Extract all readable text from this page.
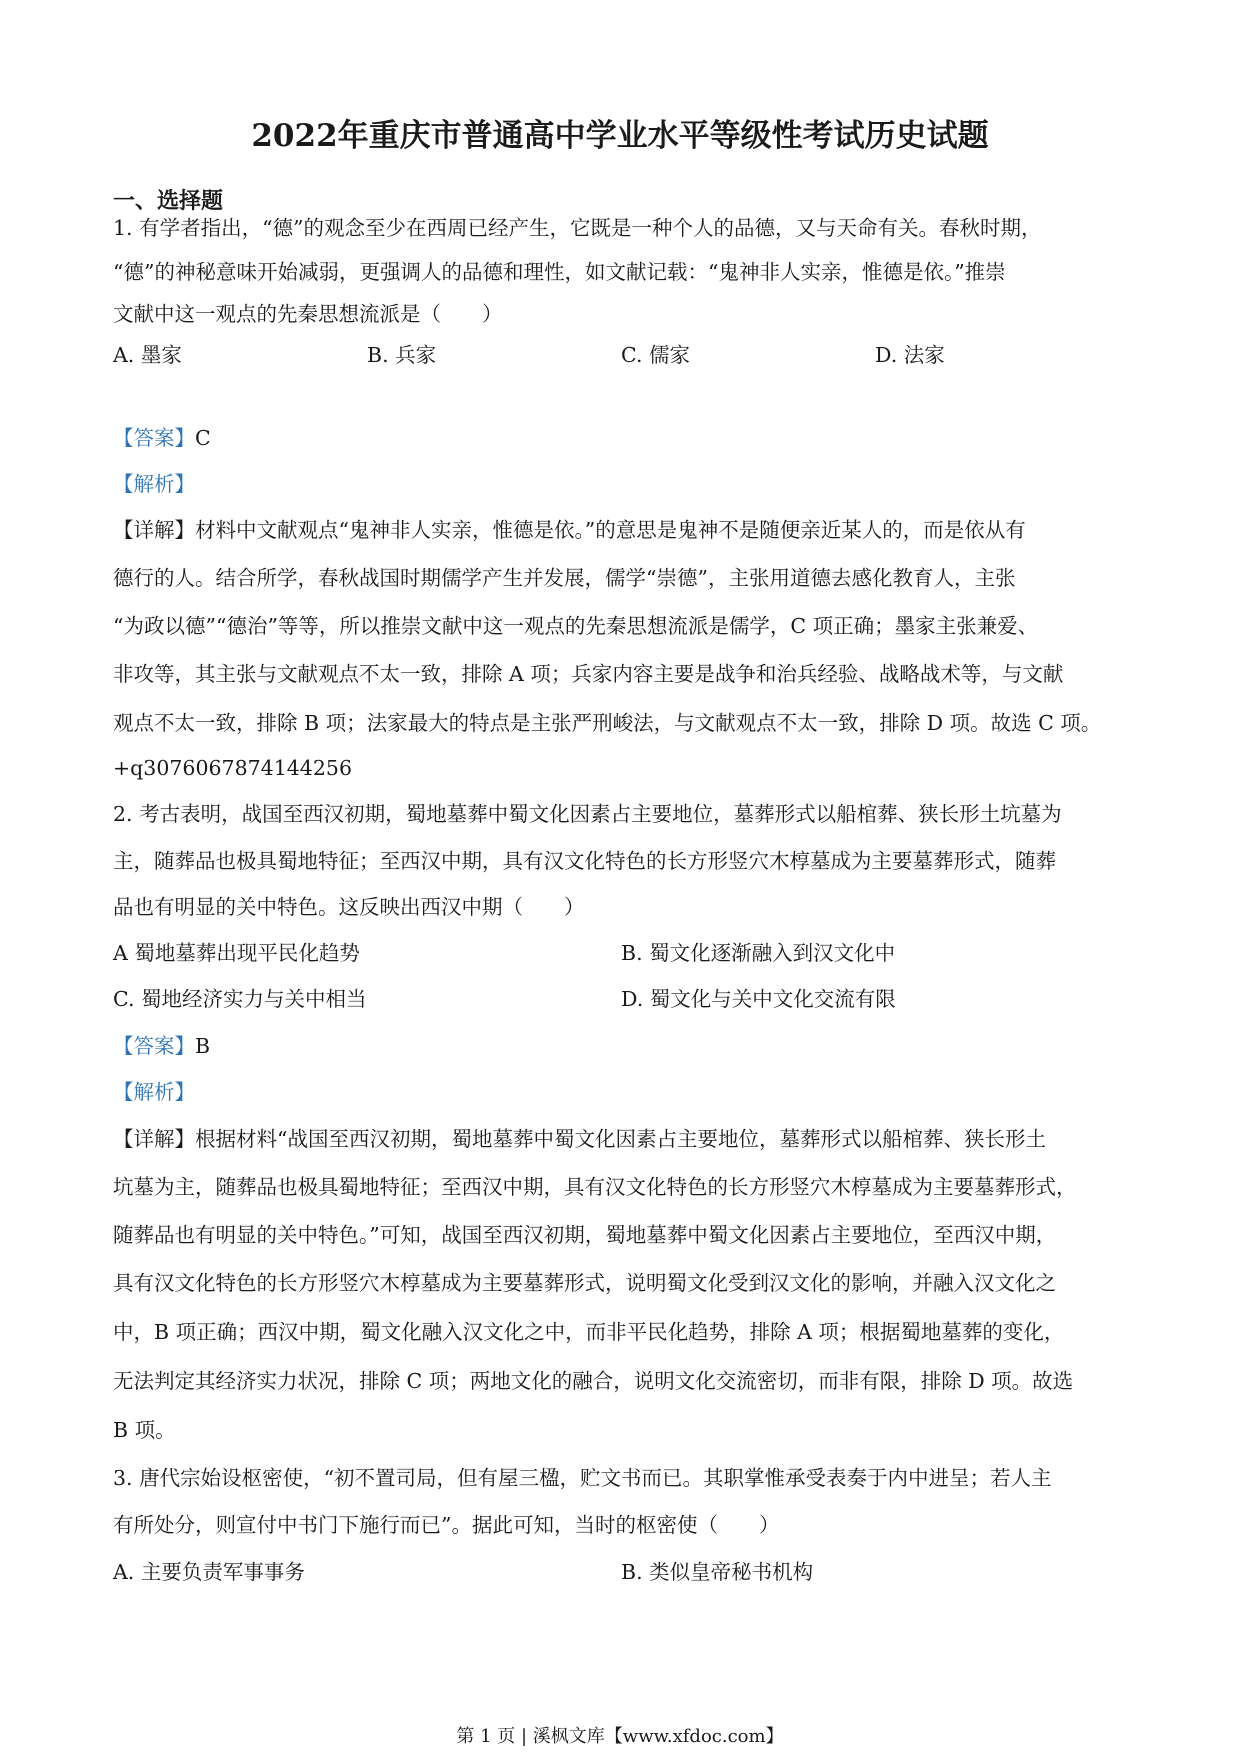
2022年重庆市普通高中学业水平等级性考试历史试题
一、选择题
1. 有学者指出，“德”的观念至少在西周已经产生，它既是一种个人的品德，又与天命有关。春秋时期，
“德”的神秘意味开始减弱，更强调人的品德和理性，如文献记载：“鬼神非人实亲，惟德是依。”推崇
文献中这一观点的先秦思想流派是（　　）
A. 墨家	B. 兵家	C. 儒家	D. 法家
【答案】C
【解析】
【详解】材料中文献观点“鬼神非人实亲，惟德是依。”的意思是鬼神不是随便亲近某人的，而是依从有
德行的人。结合所学，春秋战国时期儒学产生并发展，儒学“崇德”，主张用道德去感化教育人，主张
“为政以德”“德治”等等，所以推崇文献中这一观点的先秦思想流派是儒学，C 项正确；墨家主张兼爱、
非攻等，其主张与文献观点不太一致，排除 A 项；兵家内容主要是战争和治兵经验、战略战术等，与文献
观点不太一致，排除 B 项；法家最大的特点是主张严刑峻法，与文献观点不太一致，排除 D 项。故选 C 项。
+q3076067874144256
2. 考古表明，战国至西汉初期，蜀地墓葬中蜀文化因素占主要地位，墓葬形式以船棺葬、狭长形土坑墓为
主，随葬品也极具蜀地特征；至西汉中期，具有汉文化特色的长方形竖穴木椁墓成为主要墓葬形式，随葬
品也有明显的关中特色。这反映出西汉中期（　　）
A 蜀地墓葬出现平民化趋势	B. 蜀文化逐渐融入到汉文化中
C. 蜀地经济实力与关中相当	D. 蜀文化与关中文化交流有限
【答案】B
【解析】
【详解】根据材料“战国至西汉初期，蜀地墓葬中蜀文化因素占主要地位，墓葬形式以船棺葬、狭长形土
坑墓为主，随葬品也极具蜀地特征；至西汉中期，具有汉文化特色的长方形竖穴木椁墓成为主要墓葬形式，
随葬品也有明显的关中特色。”可知，战国至西汉初期，蜀地墓葬中蜀文化因素占主要地位，至西汉中期，
具有汉文化特色的长方形竖穴木椁墓成为主要墓葬形式，说明蜀文化受到汉文化的影响，并融入汉文化之
中，B 项正确；西汉中期，蜀文化融入汉文化之中，而非平民化趋势，排除 A 项；根据蜀地墓葬的变化，
无法判定其经济实力状况，排除 C 项；两地文化的融合，说明文化交流密切，而非有限，排除 D 项。故选
B 项。
3. 唐代宗始设枢密使，“初不置司局，但有屋三楹，贮文书而已。其职掌惟承受表奏于内中进呈；若人主
有所处分，则宣付中书门下施行而已”。据此可知，当时的枢密使（　　）
A. 主要负责军事事务	B. 类似皇帝秘书机构
第 1 页 | 溪枫文库【www.xfdoc.com】
